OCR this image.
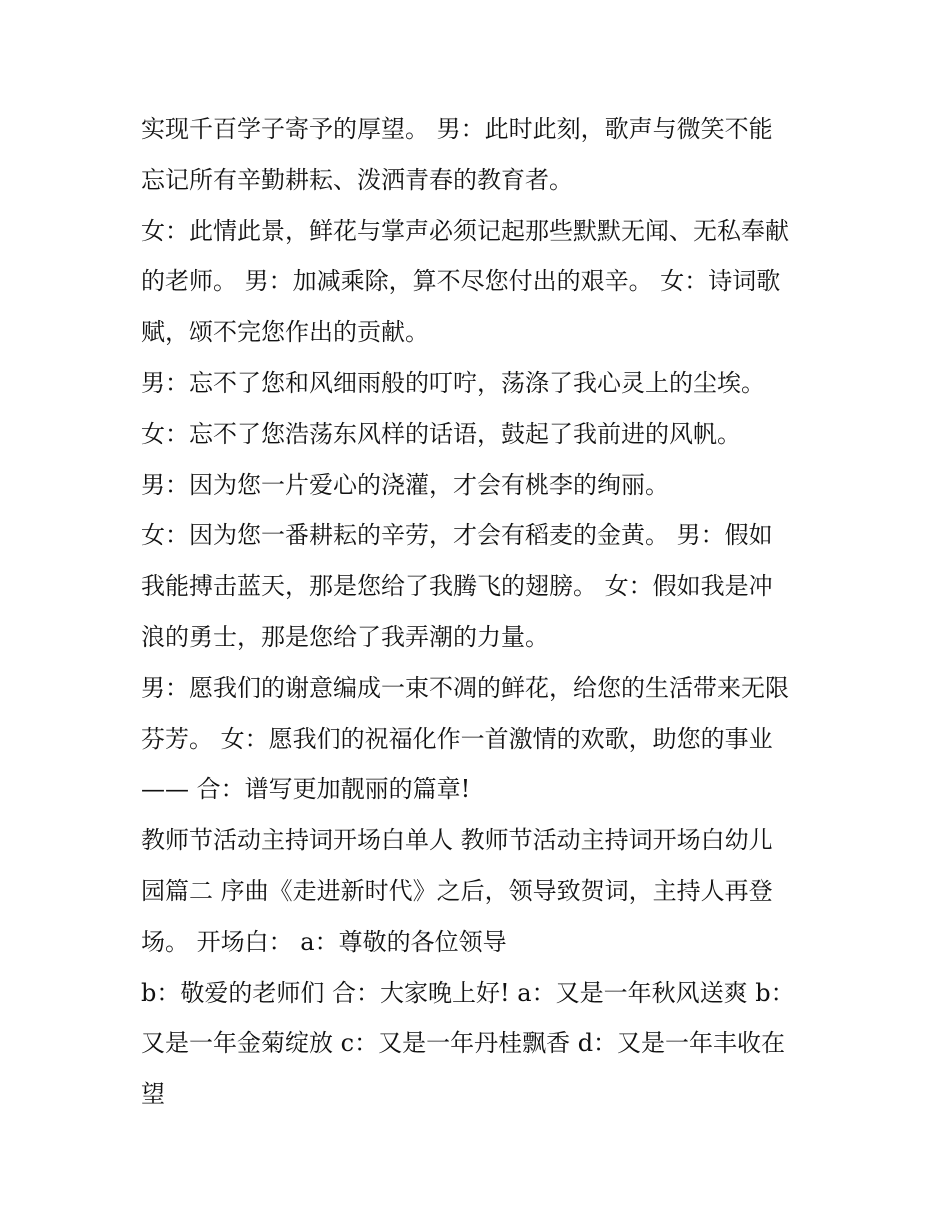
实现千百学子寄予的厚望。 男：此时此刻，歌声与微笑不能
忘记所有辛勤耕耘、泼洒青春的教育者。
女：此情此景，鲜花与掌声必须记起那些默默无闻、无私奉献
的老师。 男：加减乘除，算不尽您付出的艰辛。 女：诗词歌
赋，颂不完您作出的贡献。
男：忘不了您和风细雨般的叮咛，荡涤了我心灵上的尘埃。
女：忘不了您浩荡东风样的话语，鼓起了我前进的风帆。
男：因为您一片爱心的浇灌，才会有桃李的绚丽。
女：因为您一番耕耘的辛劳，才会有稻麦的金黄。 男：假如
我能搏击蓝天，那是您给了我腾飞的翅膀。 女：假如我是冲
浪的勇士，那是您给了我弄潮的力量。
男：愿我们的谢意编成一束不凋的鲜花，给您的生活带来无限
芬芳。 女：愿我们的祝福化作一首激情的欢歌，助您的事业
—— 合：谱写更加靓丽的篇章!
教师节活动主持词开场白单人 教师节活动主持词开场白幼儿
园篇二 序曲《走进新时代》之后，领导致贺词，主持人再登
场。 开场白： a：尊敬的各位领导
b：敬爱的老师们 合：大家晚上好! a：又是一年秋风送爽 b：
又是一年金菊绽放 c：又是一年丹桂飘香 d：又是一年丰收在
望
